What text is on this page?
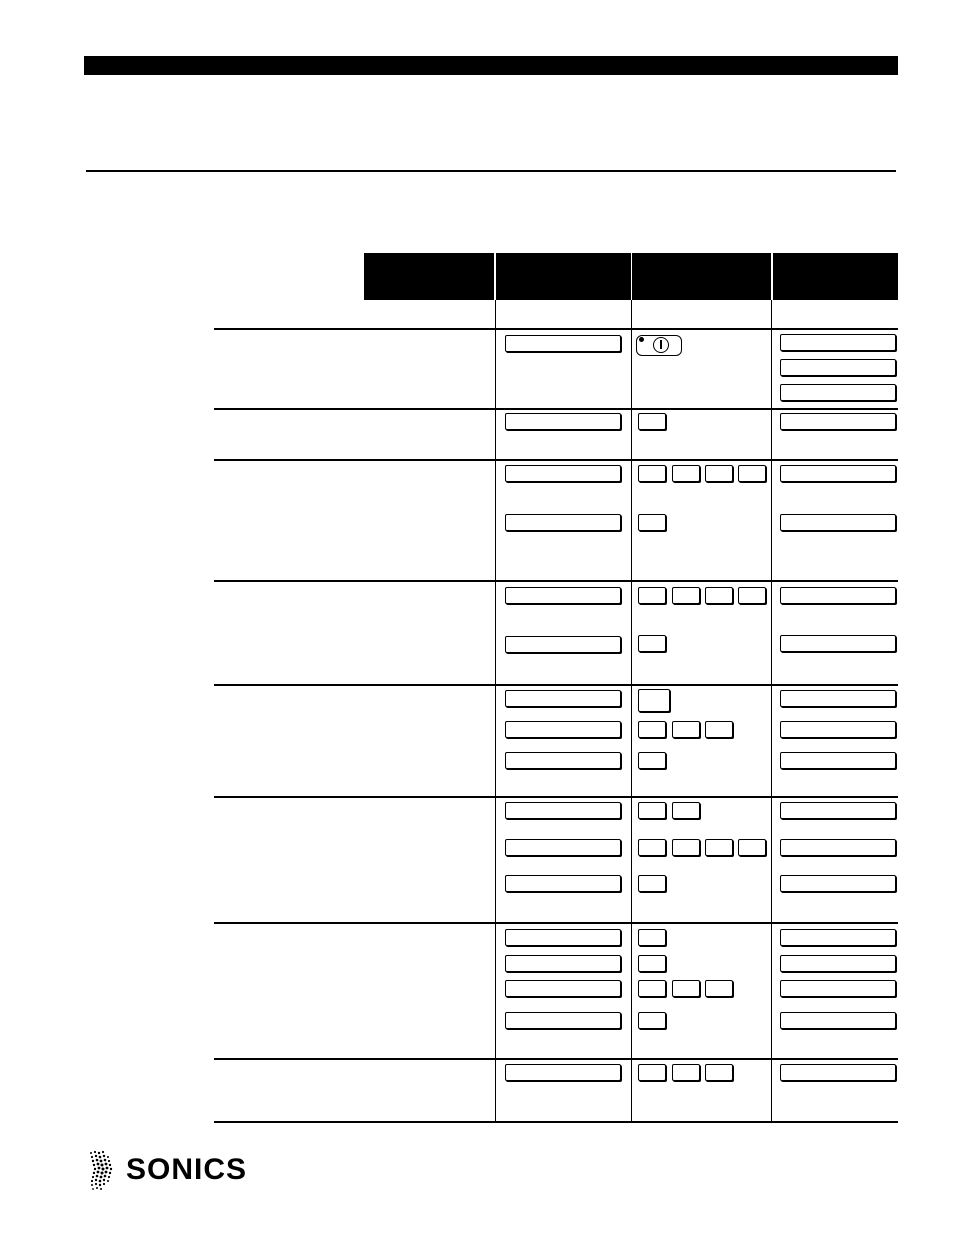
SONICS
